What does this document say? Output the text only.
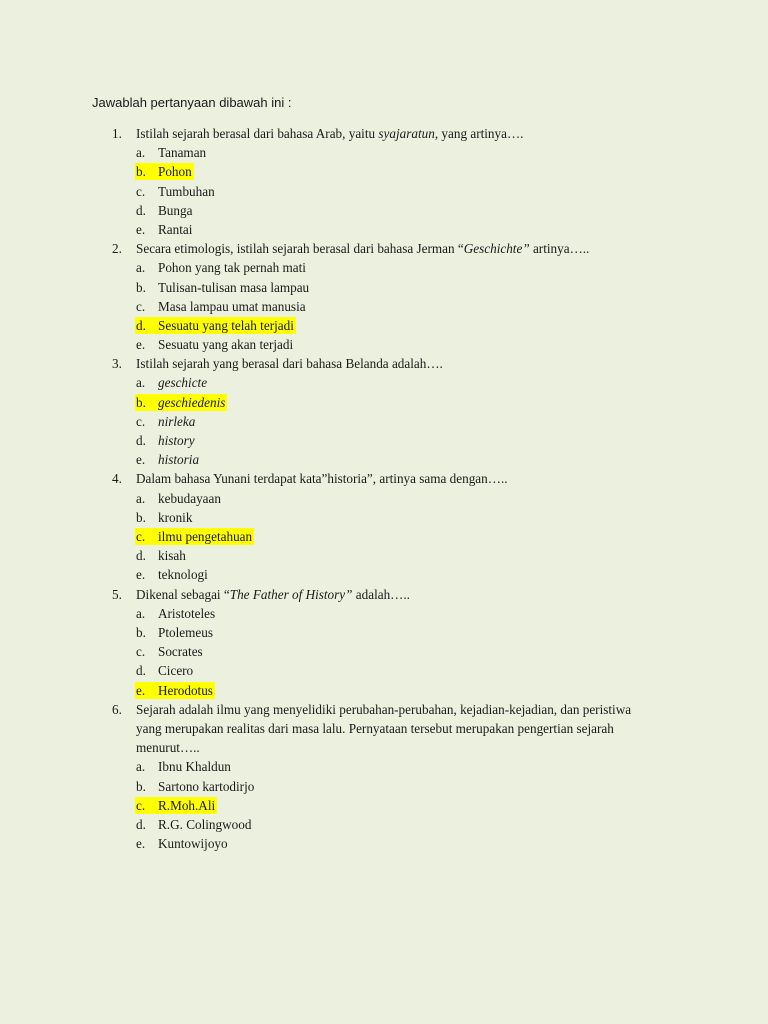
Jawablah pertanyaan dibawah ini :

1. Istilah sejarah berasal dari bahasa Arab, yaitu syajaratun, yang artinya….
a. Tanaman
b. Pohon
c. Tumbuhan
d. Bunga
e. Rantai
2. Secara etimologis, istilah sejarah berasal dari bahasa Jerman “Geschichte” artinya…..
a. Pohon yang tak pernah mati
b. Tulisan-tulisan masa lampau
c. Masa lampau umat manusia
d. Sesuatu yang telah terjadi
e. Sesuatu yang akan terjadi
3. Istilah sejarah yang berasal dari bahasa Belanda adalah….
a. geschicte
b. geschiedenis
c. nirleka
d. history
e. historia
4. Dalam bahasa Yunani terdapat kata”historia”, artinya sama dengan…..
a. kebudayaan
b. kronik
c. ilmu pengetahuan
d. kisah
e. teknologi
5. Dikenal sebagai “The Father of History” adalah…..
a. Aristoteles
b. Ptolemeus
c. Socrates
d. Cicero
e. Herodotus
6. Sejarah adalah ilmu yang menyelidiki perubahan-perubahan, kejadian-kejadian, dan peristiwa yang merupakan realitas dari masa lalu. Pernyataan tersebut merupakan pengertian sejarah menurut…..
a. Ibnu Khaldun
b. Sartono kartodirjo
c. R.Moh.Ali
d. R.G. Colingwood
e. Kuntowijoyo
